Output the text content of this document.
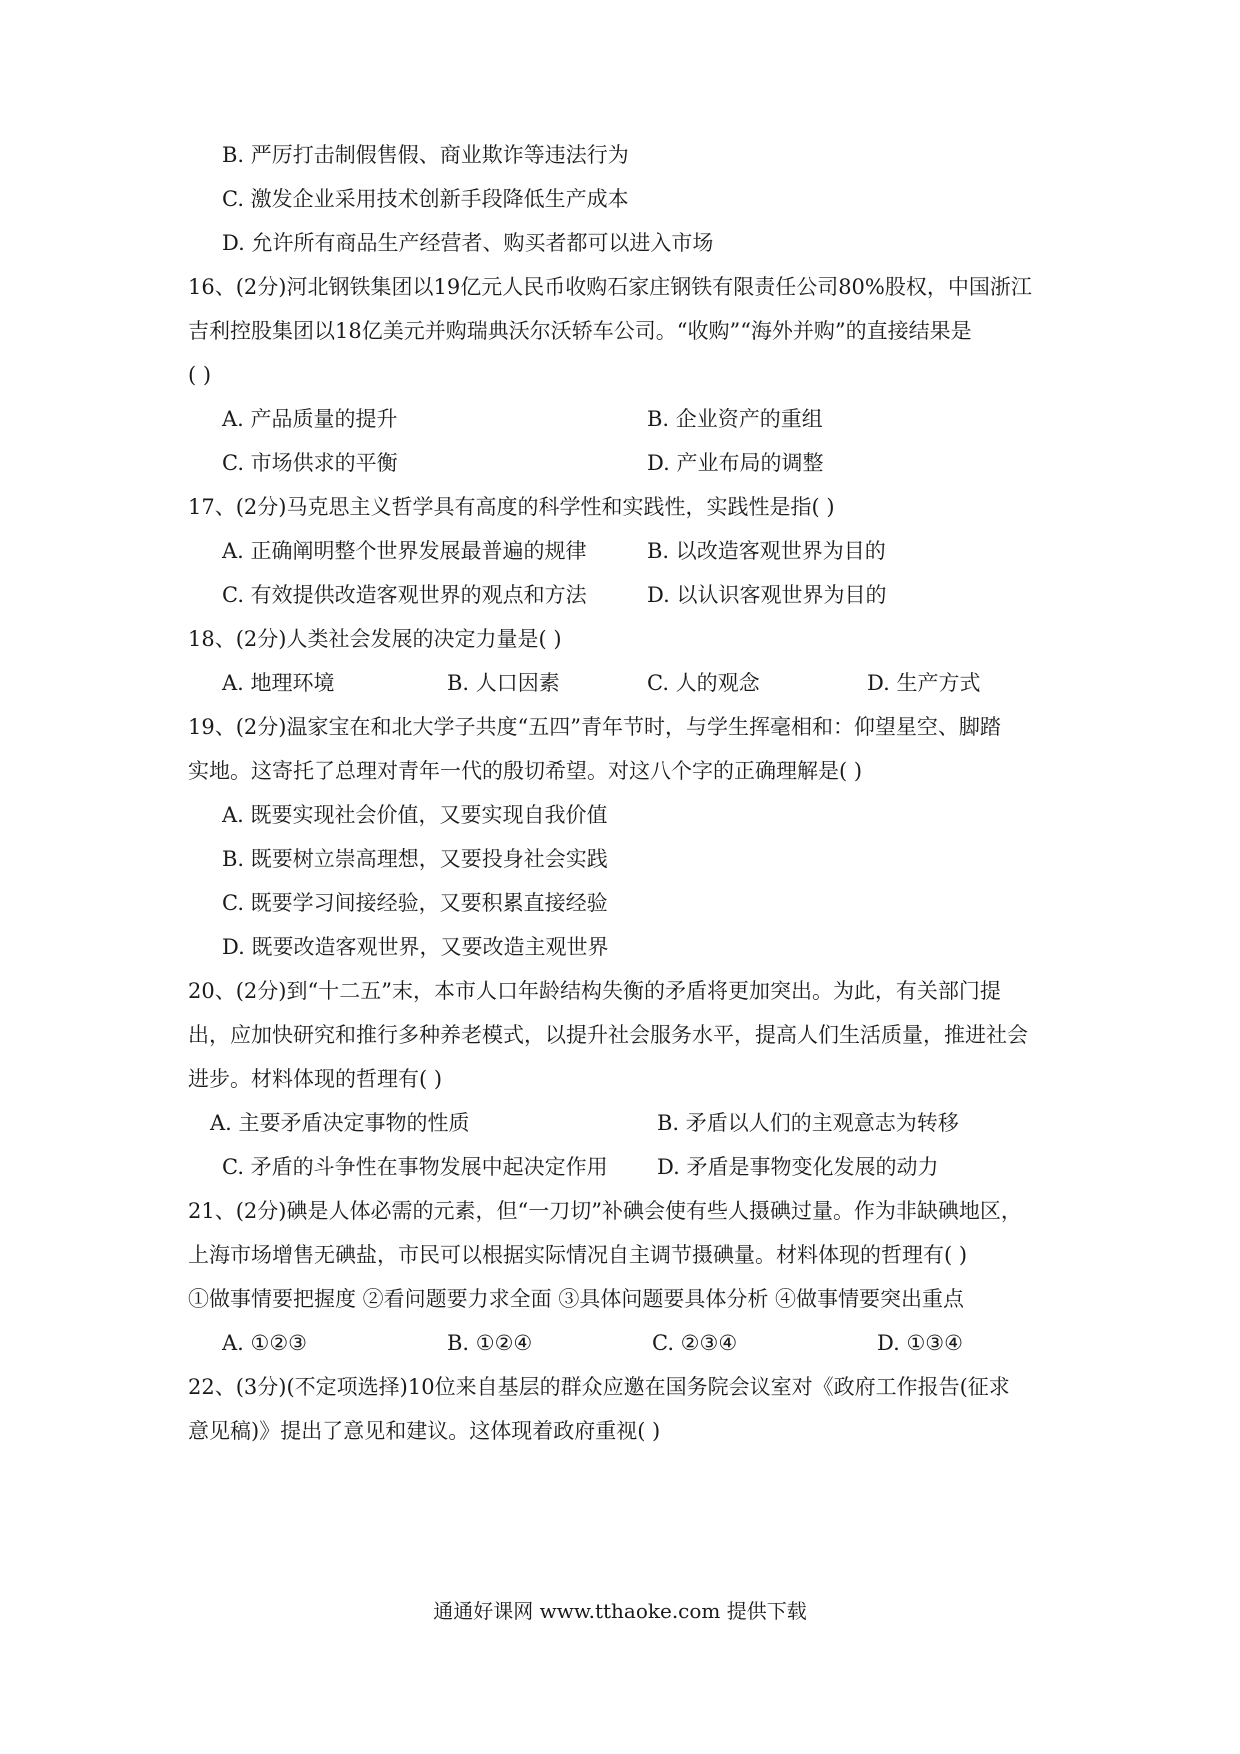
B. 严厉打击制假售假、商业欺诈等违法行为
C. 激发企业采用技术创新手段降低生产成本
D. 允许所有商品生产经营者、购买者都可以进入市场
16、(2分)河北钢铁集团以19亿元人民币收购石家庄钢铁有限责任公司80%股权，中国浙江
吉利控股集团以18亿美元并购瑞典沃尔沃轿车公司。“收购”“海外并购”的直接结果是
( )
A. 产品质量的提升	B. 企业资产的重组
C. 市场供求的平衡	D. 产业布局的调整
17、(2分)马克思主义哲学具有高度的科学性和实践性，实践性是指( )
A. 正确阐明整个世界发展最普遍的规律	B. 以改造客观世界为目的
C. 有效提供改造客观世界的观点和方法	D. 以认识客观世界为目的
18、(2分)人类社会发展的决定力量是( )
A. 地理环境	B. 人口因素	C. 人的观念	D. 生产方式
19、(2分)温家宝在和北大学子共度“五四”青年节时，与学生挥毫相和：仰望星空、脚踏
实地。这寄托了总理对青年一代的殷切希望。对这八个字的正确理解是( )
A. 既要实现社会价值，又要实现自我价值
B. 既要树立崇高理想，又要投身社会实践
C. 既要学习间接经验，又要积累直接经验
D. 既要改造客观世界，又要改造主观世界
20、(2分)到“十二五”末，本市人口年龄结构失衡的矛盾将更加突出。为此，有关部门提
出，应加快研究和推行多种养老模式，以提升社会服务水平，提高人们生活质量，推进社会
进步。材料体现的哲理有( )
A. 主要矛盾决定事物的性质	B. 矛盾以人们的主观意志为转移
C. 矛盾的斗争性在事物发展中起决定作用 D. 矛盾是事物变化发展的动力
21、(2分)碘是人体必需的元素，但“一刀切”补碘会使有些人摄碘过量。作为非缺碘地区，
上海市场增售无碘盐，市民可以根据实际情况自主调节摄碘量。材料体现的哲理有( )
①做事情要把握度 ②看问题要力求全面 ③具体问题要具体分析 ④做事情要突出重点
A. ①②③	B. ①②④	C. ②③④	D. ①③④
22、(3分)(不定项选择)10位来自基层的群众应邀在国务院会议室对《政府工作报告(征求
意见稿)》提出了意见和建议。这体现着政府重视( )
通通好课网 www.tthaoke.com 提供下载
